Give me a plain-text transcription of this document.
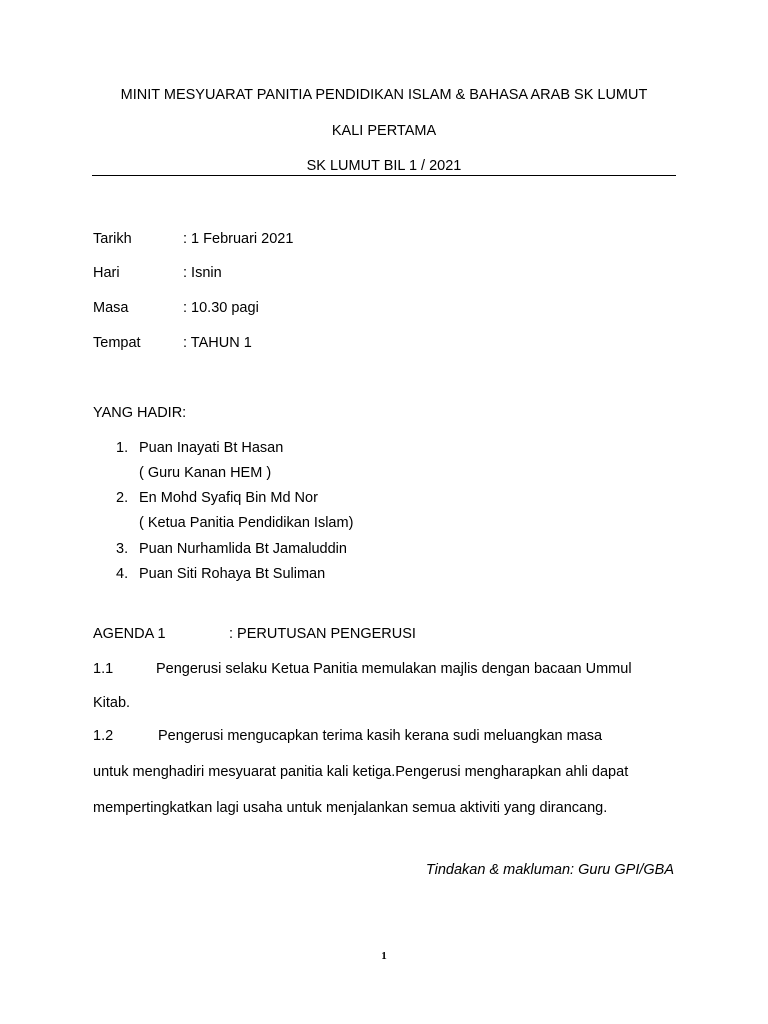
MINIT MESYUARAT PANITIA PENDIDIKAN ISLAM & BAHASA ARAB SK LUMUT
KALI PERTAMA
SK LUMUT BIL 1 / 2021
Tarikh	: 1 Februari 2021
Hari	: Isnin
Masa	: 10.30 pagi
Tempat	: TAHUN 1
YANG HADIR:
1. Puan Inayati Bt Hasan
( Guru Kanan HEM )
2. En Mohd Syafiq Bin Md Nor
( Ketua Panitia Pendidikan Islam)
3. Puan Nurhamlida Bt Jamaluddin
4. Puan Siti Rohaya Bt Suliman
AGENDA 1	: PERUTUSAN PENGERUSI
1.1	Pengerusi selaku Ketua Panitia memulakan majlis dengan bacaan Ummul
Kitab.
1.2	Pengerusi mengucapkan terima kasih kerana sudi meluangkan masa
untuk menghadiri mesyuarat panitia kali ketiga.Pengerusi mengharapkan ahli dapat
mempertingkatkan lagi usaha untuk menjalankan semua aktiviti yang dirancang.
Tindakan & makluman: Guru GPI/GBA
1
